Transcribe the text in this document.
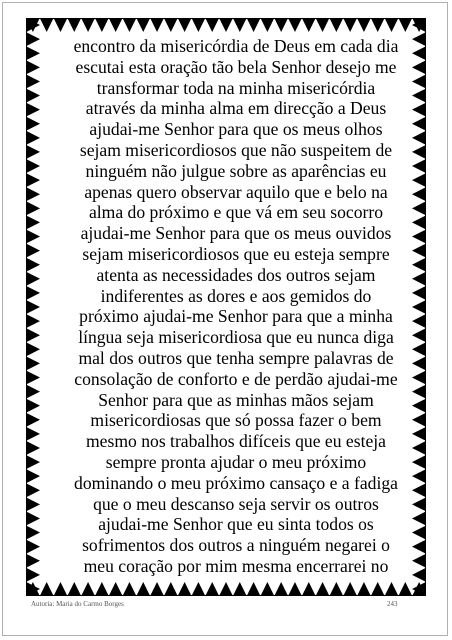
encontro da misericórdia de Deus em cada dia
escutai esta oração tão bela Senhor desejo me
transformar toda na minha misericórdia
através da minha alma em direcção a Deus
ajudai-me Senhor para que os meus olhos
sejam misericordiosos que não suspeitem de
ninguém não julgue sobre as aparências eu
apenas quero observar aquilo que e belo na
alma do próximo e que vá em seu socorro
ajudai-me Senhor para que os meus ouvidos
sejam misericordiosos que eu esteja sempre
atenta as necessidades dos outros sejam
indiferentes as dores e aos gemidos do
próximo ajudai-me Senhor para que a minha
língua seja misericordiosa que eu nunca diga
mal dos outros que tenha sempre palavras de
consolação de conforto e de perdão ajudai-me
Senhor para que as minhas mãos sejam
misericordiosas que só possa fazer o bem
mesmo nos trabalhos difíceis que eu esteja
sempre pronta ajudar o meu próximo
dominando o meu próximo cansaço e a fadiga
que o meu descanso seja servir os outros
ajudai-me Senhor que eu sinta todos os
sofrimentos dos outros a ninguém negarei o
meu coração por mim mesma encerrarei no
Autoria: Maria do Carmo Borges	243
